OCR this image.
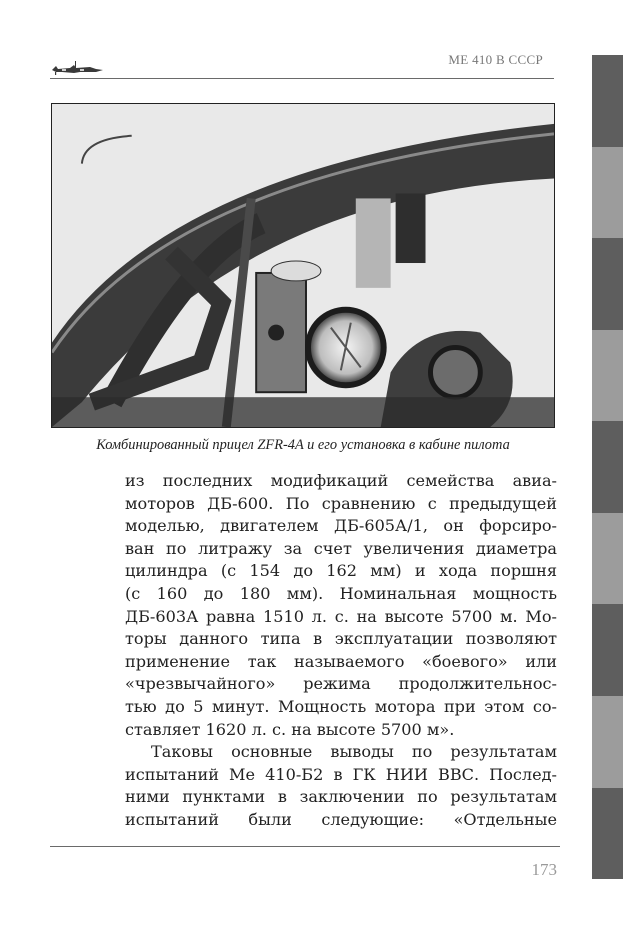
МЕ 410 В СССР
Комбинированный прицел ZFR-4A и его установка в кабине пилота
из последних модификаций семейства авиа-
моторов ДБ-600. По сравнению с предыдущей
моделью, двигателем ДБ-605А/1, он форсиро-
ван по литражу за счет увеличения диаметра
цилиндра (с 154 до 162 мм) и хода поршня
(с 160 до 180 мм). Номинальная мощность
ДБ-603А равна 1510 л. с. на высоте 5700 м. Мо-
торы данного типа в эксплуатации позволяют
применение так называемого «боевого» или
«чрезвычайного» режима продолжительнос-
тью до 5 минут. Мощность мотора при этом со-
ставляет 1620 л. с. на высоте 5700 м».
Таковы основные выводы по результатам
испытаний Ме 410-Б2 в ГК НИИ ВВС. Послед-
ними пунктами в заключении по результатам
испытаний были следующие: «Отдельные
173
